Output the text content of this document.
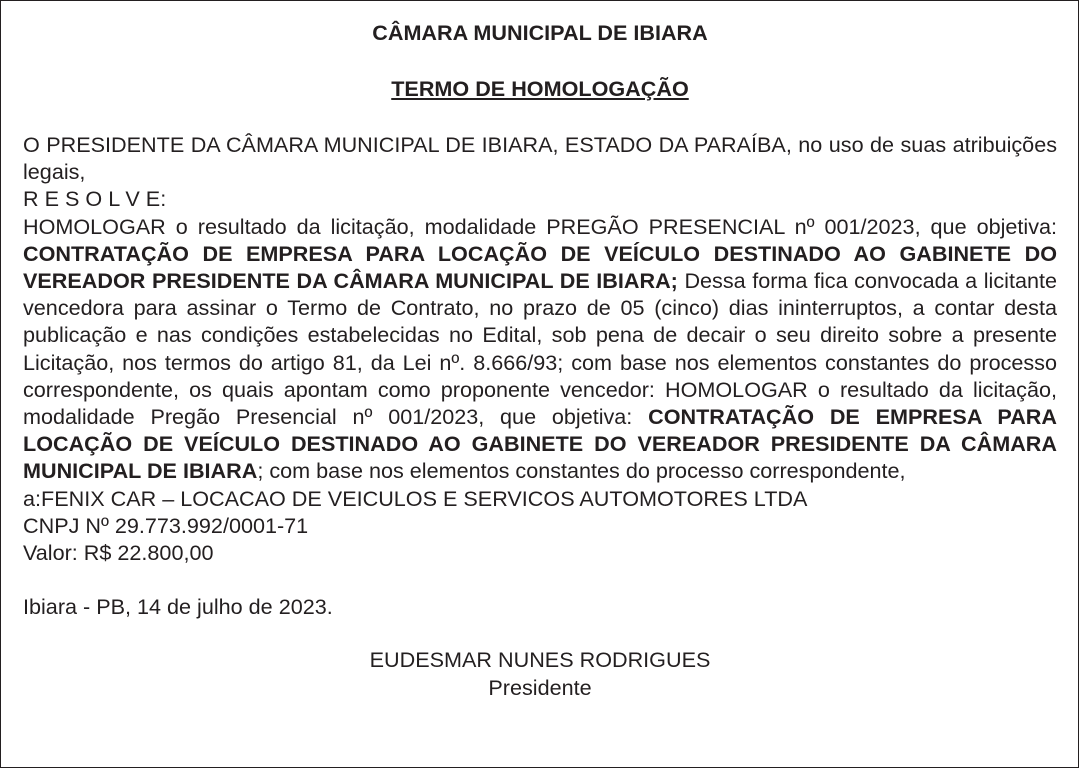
CÂMARA MUNICIPAL DE IBIARA

TERMO DE HOMOLOGAÇÃO

O PRESIDENTE DA CÂMARA MUNICIPAL DE IBIARA, ESTADO DA PARAÍBA, no uso de suas atribuições legais,

R E S O L V E:

HOMOLOGAR o resultado da licitação, modalidade PREGÃO PRESENCIAL nº 001/2023, que objetiva: CONTRATAÇÃO DE EMPRESA PARA LOCAÇÃO DE VEÍCULO DESTINADO AO GABINETE DO VEREADOR PRESIDENTE DA CÂMARA MUNICIPAL DE IBIARA; Dessa forma fica convocada a licitante vencedora para assinar o Termo de Contrato, no prazo de 05 (cinco) dias ininterruptos, a contar desta publicação e nas condições estabelecidas no Edital, sob pena de decair o seu direito sobre a presente Licitação, nos termos do artigo 81, da Lei nº. 8.666/93; com base nos elementos constantes do processo correspondente, os quais apontam como proponente vencedor: HOMOLOGAR o resultado da licitação, modalidade Pregão Presencial nº 001/2023, que objetiva: CONTRATAÇÃO DE EMPRESA PARA LOCAÇÃO DE VEÍCULO DESTINADO AO GABINETE DO VEREADOR PRESIDENTE DA CÂMARA MUNICIPAL DE IBIARA; com base nos elementos constantes do processo correspondente,

a:FENIX CAR – LOCACAO DE VEICULOS E SERVICOS AUTOMOTORES LTDA

CNPJ Nº 29.773.992/0001-71

Valor: R$ 22.800,00

Ibiara - PB, 14 de julho de 2023.

EUDESMAR NUNES RODRIGUES

Presidente
